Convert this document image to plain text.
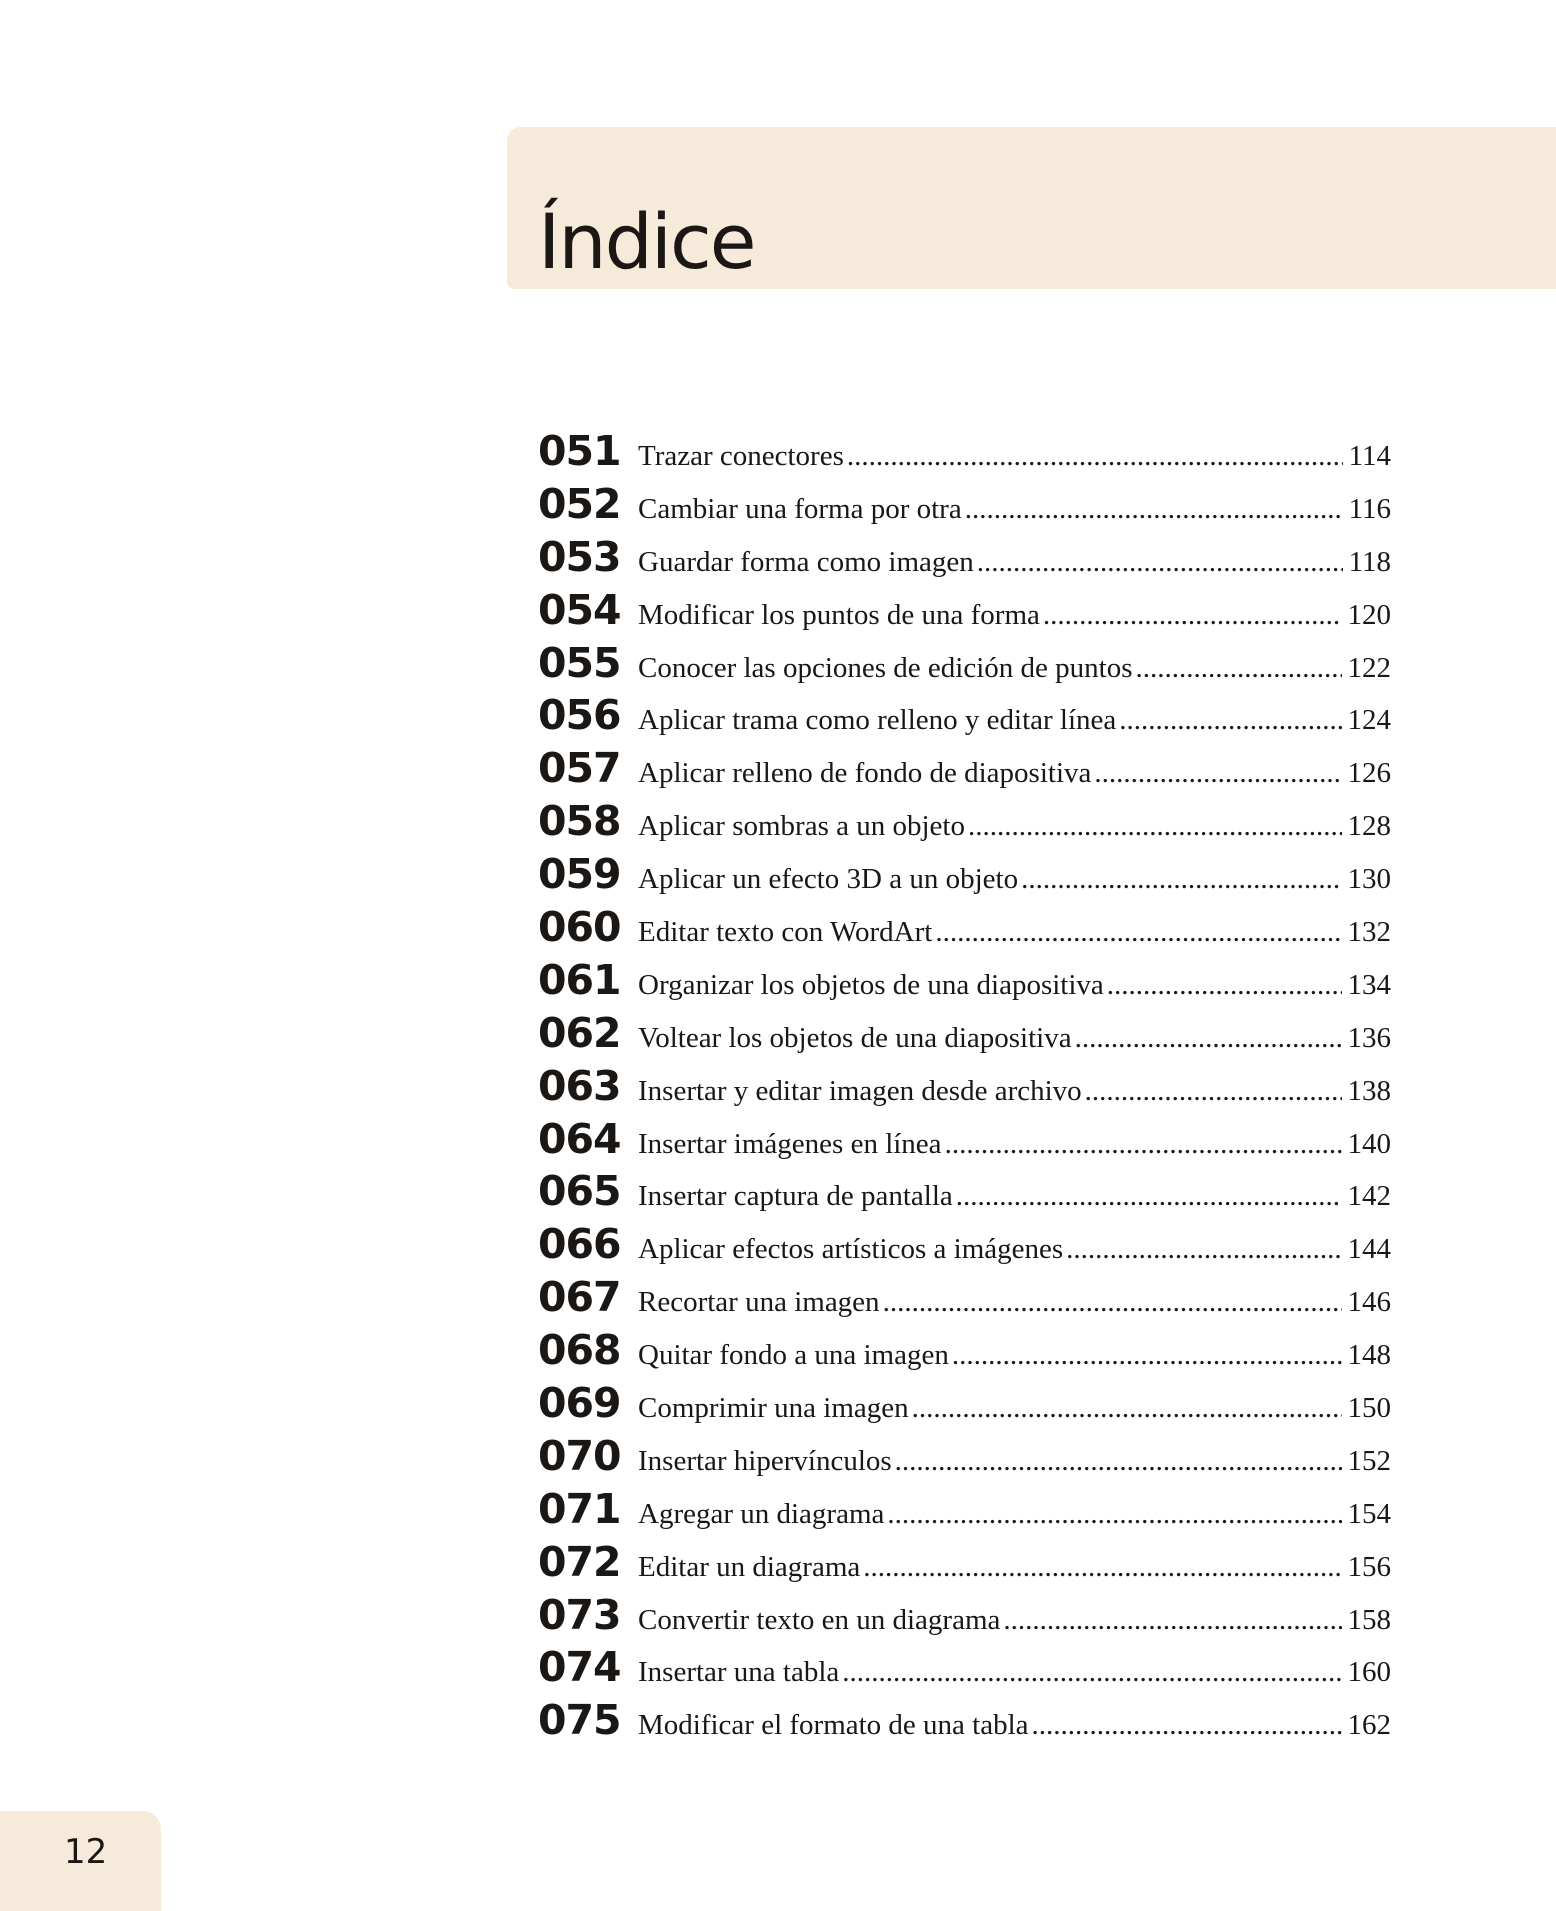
Índice
051 Trazar conectores .....	114
052 Cambiar una forma por otra .....	116
053 Guardar forma como imagen .....	118
054 Modificar los puntos de una forma .....	120
055 Conocer las opciones de edición de puntos .....	122
056 Aplicar trama como relleno y editar línea .....	124
057 Aplicar relleno de fondo de diapositiva .....	126
058 Aplicar sombras a un objeto .....	128
059 Aplicar un efecto 3D a un objeto .....	130
060 Editar texto con WordArt .....	132
061 Organizar los objetos de una diapositiva .....	134
062 Voltear los objetos de una diapositiva .....	136
063 Insertar y editar imagen desde archivo .....	138
064 Insertar imágenes en línea .....	140
065 Insertar captura de pantalla .....	142
066 Aplicar efectos artísticos a imágenes .....	144
067 Recortar una imagen .....	146
068 Quitar fondo a una imagen .....	148
069 Comprimir una imagen .....	150
070 Insertar hipervínculos .....	152
071 Agregar un diagrama .....	154
072 Editar un diagrama .....	156
073 Convertir texto en un diagrama .....	158
074 Insertar una tabla .....	160
075 Modificar el formato de una tabla .....	162
12
